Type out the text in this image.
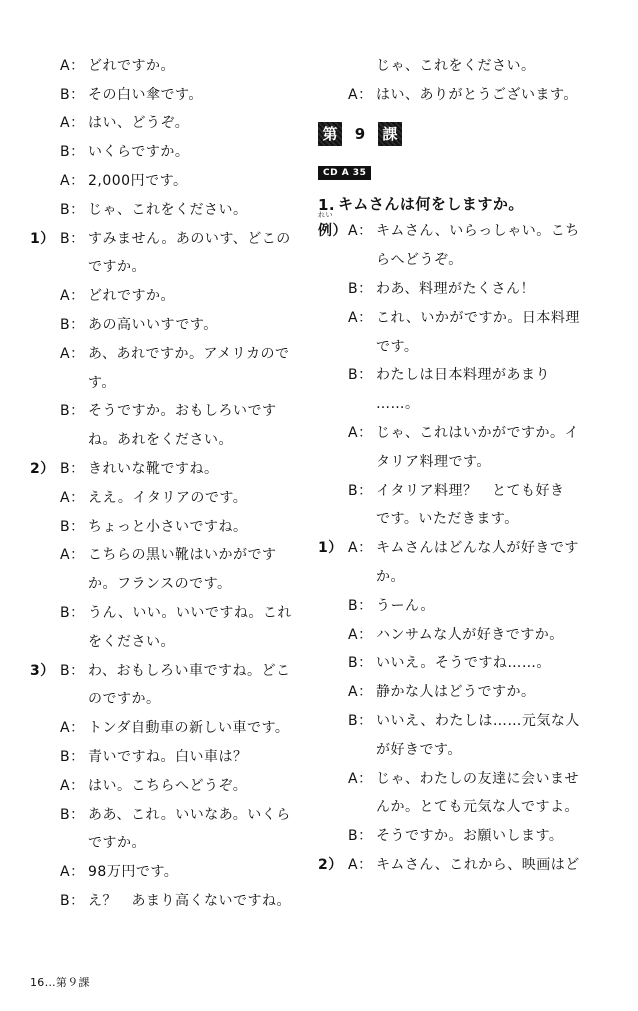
A： どれですか。
B： その白い傘です。
A： はい、どうぞ。
B： いくらですか。
A： 2,000円です。
B： じゃ、これをください。
1） B： すみません。あのいす、どこの
ですか。
A： どれですか。
B： あの高いいすです。
A： あ、あれですか。アメリカので
す。
B： そうですか。おもしろいです
ね。あれをください。
2） B： きれいな靴ですね。
A： ええ。イタリアのです。
B： ちょっと小さいですね。
A： こちらの黒い靴はいかがです
か。フランスのです。
B： うん、いい。いいですね。これ
をください。
3） B： わ、おもしろい車ですね。どこ
のですか。
A： トンダ自動車の新しい車です。
B： 青いですね。白い車は？
A： はい。こちらへどうぞ。
B： ああ、これ。いいなあ。いくら
ですか。
A： 98万円です。
B： え？　あまり高くないですね。
じゃ、これをください。
A： はい、ありがとうございます。
第	9	課
CD A 35
1. キムさんは何をしますか。
れい
例） A： キムさん、いらっしゃい。こち
らへどうぞ。
B： わあ、料理がたくさん！
A： これ、いかがですか。日本料理
です。
B： わたしは日本料理があまり
……。
A： じゃ、これはいかがですか。イ
タリア料理です。
B： イタリア料理？　とても好き
です。いただきます。
1） A： キムさんはどんな人が好きです
か。
B： うーん。
A： ハンサムな人が好きですか。
B： いいえ。そうですね……。
A： 静かな人はどうですか。
B： いいえ、わたしは……元気な人
が好きです。
A： じゃ、わたしの友達に会いませ
んか。とても元気な人ですよ。
B： そうですか。お願いします。
2） A： キムさん、これから、映画はど
16…第９課
